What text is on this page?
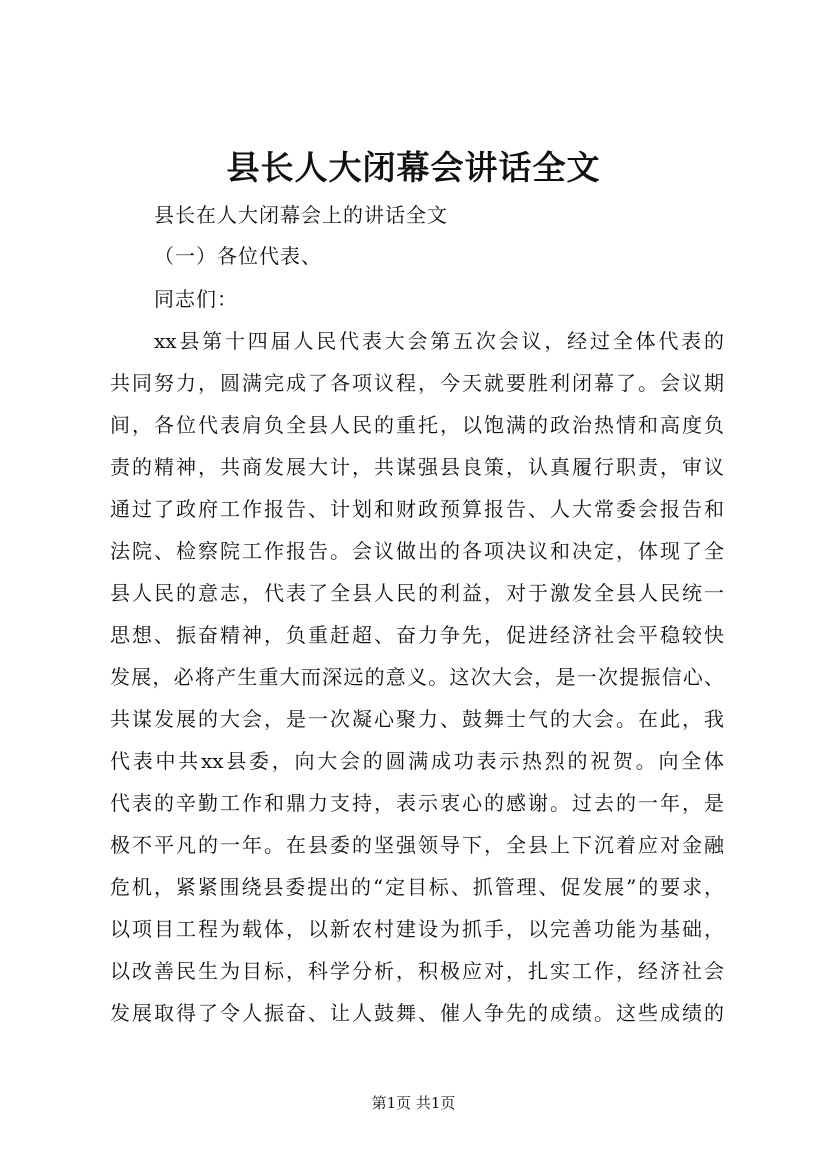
县长人大闭幕会讲话全文

县长在人大闭幕会上的讲话全文

（一）各位代表、

同志们：

xx县第十四届人民代表大会第五次会议，经过全体代表的

共同努力，圆满完成了各项议程，今天就要胜利闭幕了。会议期

间，各位代表肩负全县人民的重托，以饱满的政治热情和高度负

责的精神，共商发展大计，共谋强县良策，认真履行职责，审议

通过了政府工作报告、计划和财政预算报告、人大常委会报告和

法院、检察院工作报告。会议做出的各项决议和决定，体现了全

县人民的意志，代表了全县人民的利益，对于激发全县人民统一

思想、振奋精神，负重赶超、奋力争先，促进经济社会平稳较快

发展，必将产生重大而深远的意义。这次大会，是一次提振信心、

共谋发展的大会，是一次凝心聚力、鼓舞士气的大会。在此，我

代表中共xx县委，向大会的圆满成功表示热烈的祝贺。向全体

代表的辛勤工作和鼎力支持，表示衷心的感谢。过去的一年，是

极不平凡的一年。在县委的坚强领导下，全县上下沉着应对金融

危机，紧紧围绕县委提出的“定目标、抓管理、促发展”的要求，

以项目工程为载体，以新农村建设为抓手，以完善功能为基础，

以改善民生为目标，科学分析，积极应对，扎实工作，经济社会

发展取得了令人振奋、让人鼓舞、催人争先的成绩。这些成绩的

第1页 共1页
